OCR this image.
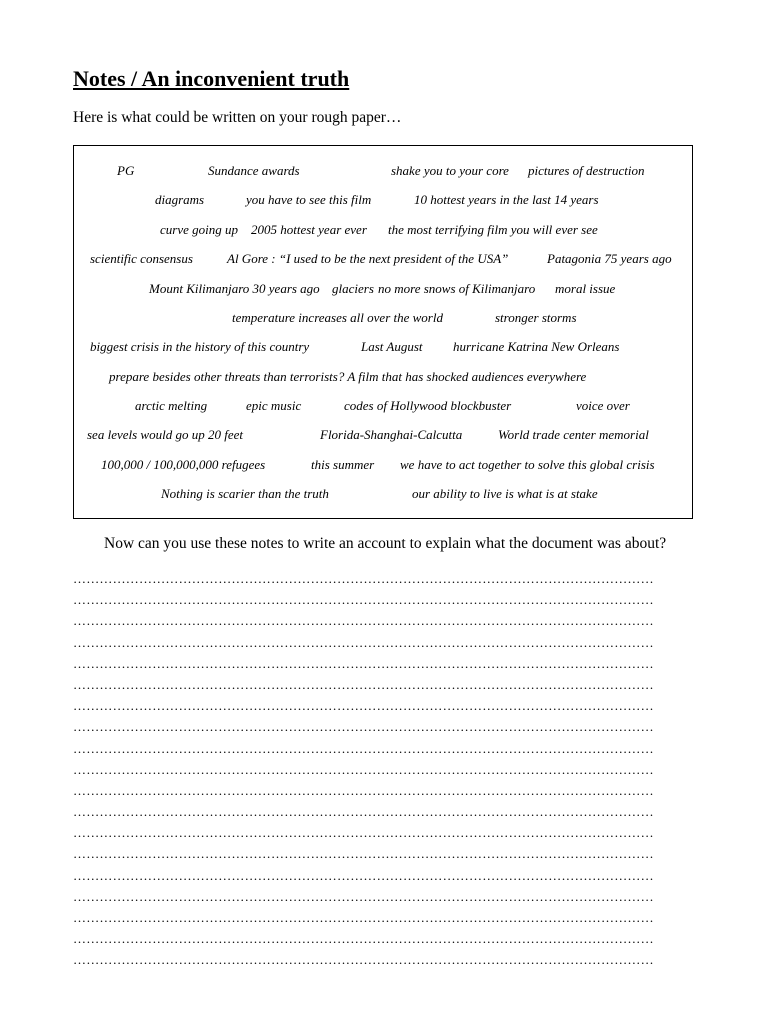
Notes / An inconvenient truth
Here is what could be written on your rough paper…
PG	Sundance awards	shake you to your core pictures of destruction
diagrams	you have to see this film	10 hottest years in the last 14 years
curve going up 2005 hottest year ever the most terrifying film you will ever see
scientific consensus	Al Gore : “I used to be the next president of the USA”	Patagonia 75 years ago
Mount Kilimanjaro 30 years ago glaciers no more snows of Kilimanjaro moral issue
temperature increases all over the world	stronger storms
biggest crisis in the history of this country	Last August hurricane Katrina New Orleans
prepare besides other threats than terrorists? A film that has shocked audiences everywhere
arctic melting	epic music	codes of Hollywood blockbuster	voice over
sea levels would go up 20 feet	Florida-Shanghai-Calcutta	World trade center memorial
100,000 / 100,000,000 refugees	this summer we have to act together to solve this global crisis
Nothing is scarier than the truth	our ability to live is what is at stake
Now can you use these notes to write an account to explain what the document was about?
……………………………………………………………………………………………………………………
……………………………………………………………………………………………………………………
……………………………………………………………………………………………………………………
……………………………………………………………………………………………………………………
……………………………………………………………………………………………………………………
……………………………………………………………………………………………………………………
……………………………………………………………………………………………………………………
……………………………………………………………………………………………………………………
……………………………………………………………………………………………………………………
……………………………………………………………………………………………………………………
……………………………………………………………………………………………………………………
……………………………………………………………………………………………………………………
……………………………………………………………………………………………………………………
……………………………………………………………………………………………………………………
……………………………………………………………………………………………………………………
……………………………………………………………………………………………………………………
……………………………………………………………………………………………………………………
……………………………………………………………………………………………………………………
……………………………………………………………………………………………………………………
